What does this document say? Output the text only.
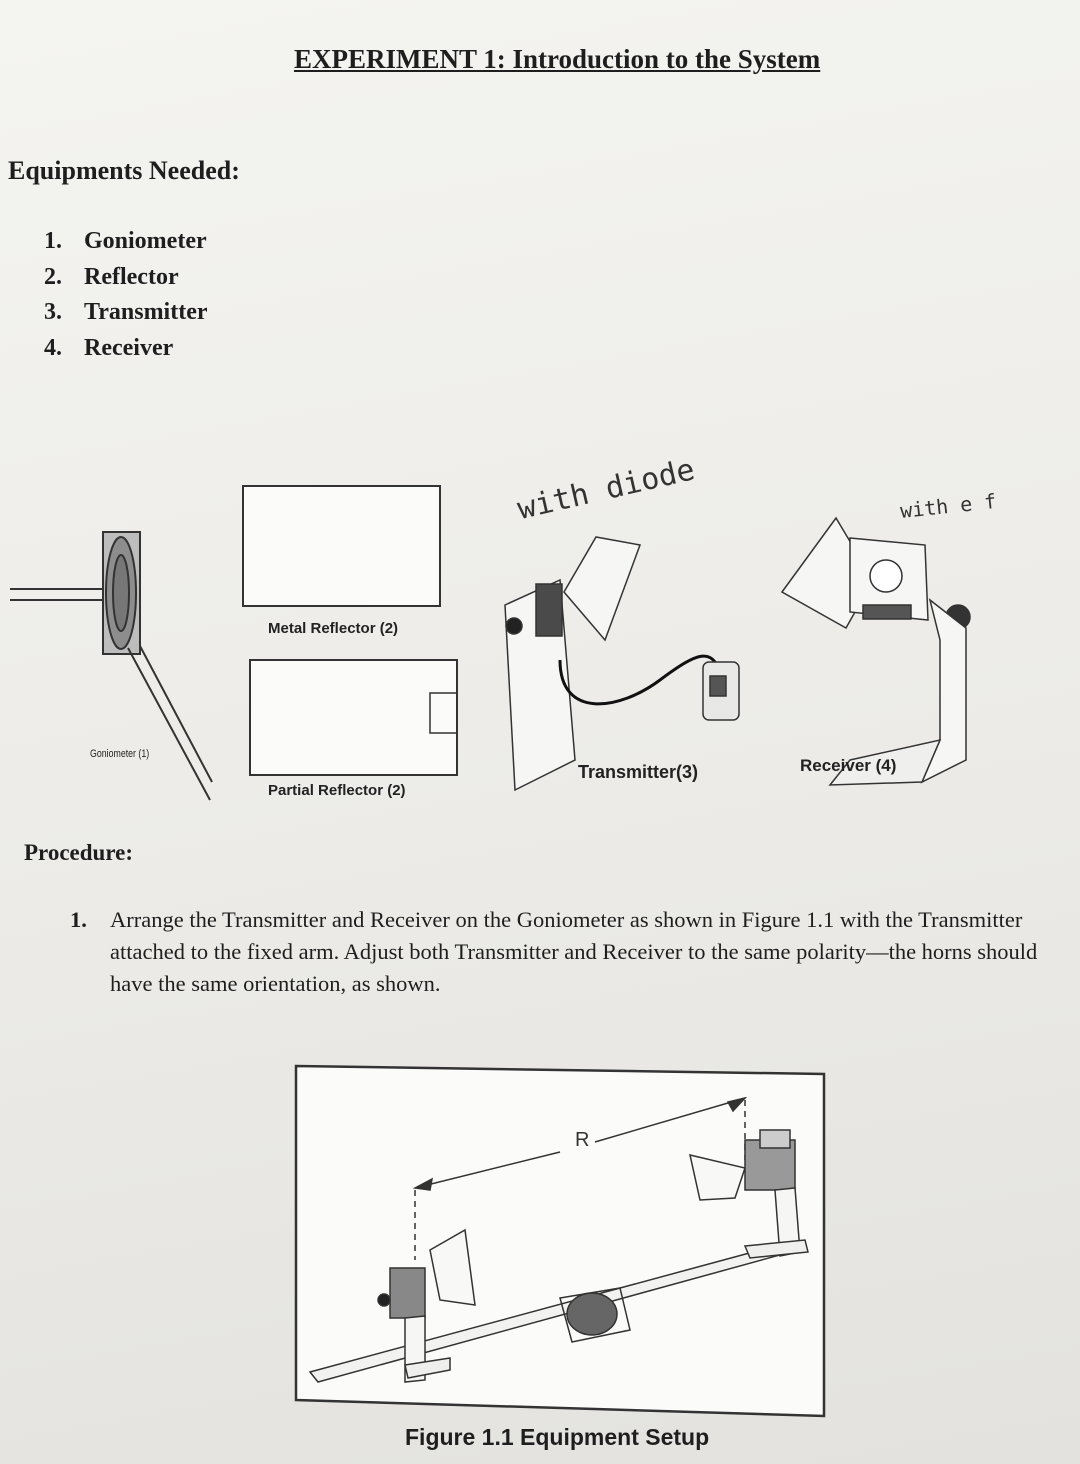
EXPERIMENT 1: Introduction to the System
Equipments Needed:
1. Goniometer
2. Reflector
3. Transmitter
4. Receiver
Metal Reflector (2)
Partial Reflector (2)
Goniometer (1)
Transmitter(3)	Receiver (4)
with diode	with e f
Procedure:
1.	Arrange the Transmitter and Receiver on the Goniometer as shown in Figure 1.1 with the Transmitter attached to the fixed arm. Adjust both Transmitter and Receiver to the same polarity—the horns should have the same orientation, as shown.
R
Figure 1.1 Equipment Setup
